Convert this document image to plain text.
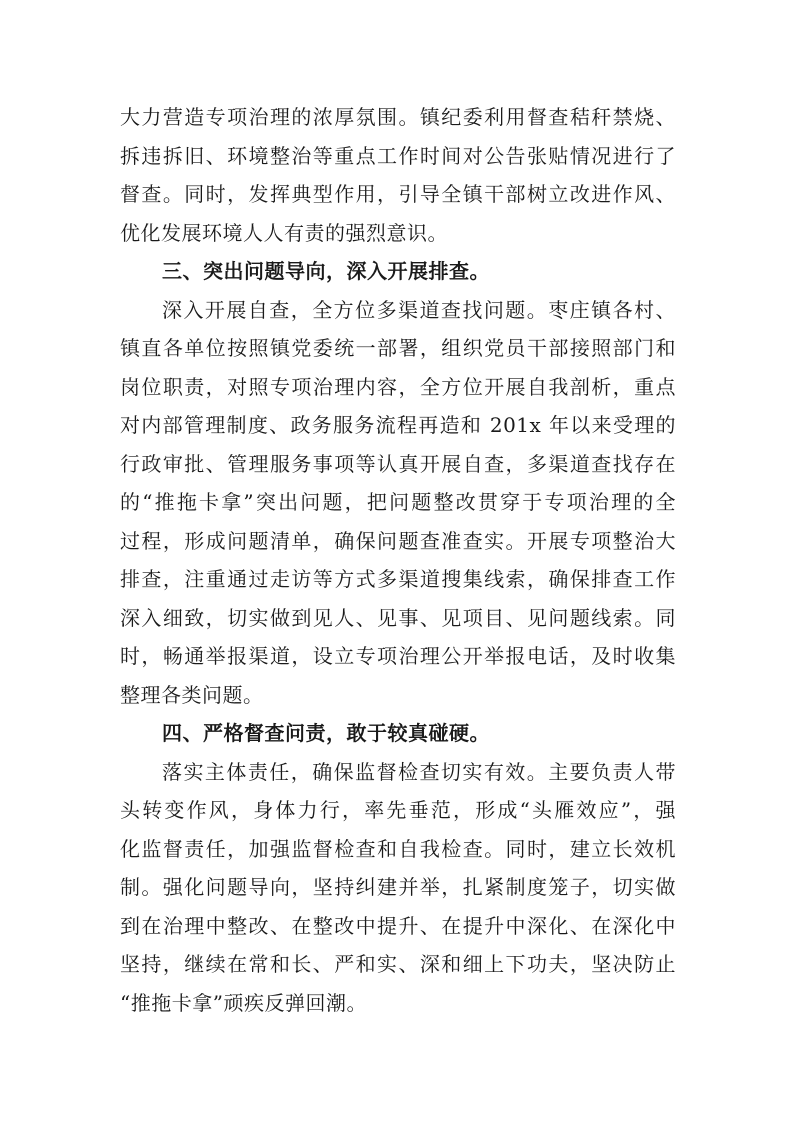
大力营造专项治理的浓厚氛围。镇纪委利用督查秸秆禁烧、
拆违拆旧、环境整治等重点工作时间对公告张贴情况进行了
督查。同时，发挥典型作用，引导全镇干部树立改进作风、
优化发展环境人人有责的强烈意识。
三、突出问题导向，深入开展排查。
深入开展自查，全方位多渠道查找问题。枣庄镇各村、
镇直各单位按照镇党委统一部署，组织党员干部接照部门和
岗位职责，对照专项治理内容，全方位开展自我剖析，重点
对内部管理制度、政务服务流程再造和 201x 年以来受理的
行政审批、管理服务事项等认真开展自查，多渠道查找存在
的“推拖卡拿”突出问题，把问题整改贯穿于专项治理的全
过程，形成问题清单，确保问题查准查实。开展专项整治大
排查，注重通过走访等方式多渠道搜集线索，确保排查工作
深入细致，切实做到见人、见事、见项目、见问题线索。同
时，畅通举报渠道，设立专项治理公开举报电话，及时收集
整理各类问题。
四、严格督查问责，敢于较真碰硬。
落实主体责任，确保监督检查切实有效。主要负责人带
头转变作风，身体力行，率先垂范，形成“头雁效应”，强
化监督责任，加强监督检查和自我检查。同时，建立长效机
制。强化问题导向，坚持纠建并举，扎紧制度笼子，切实做
到在治理中整改、在整改中提升、在提升中深化、在深化中
坚持，继续在常和长、严和实、深和细上下功夫，坚决防止
“推拖卡拿”顽疾反弹回潮。
